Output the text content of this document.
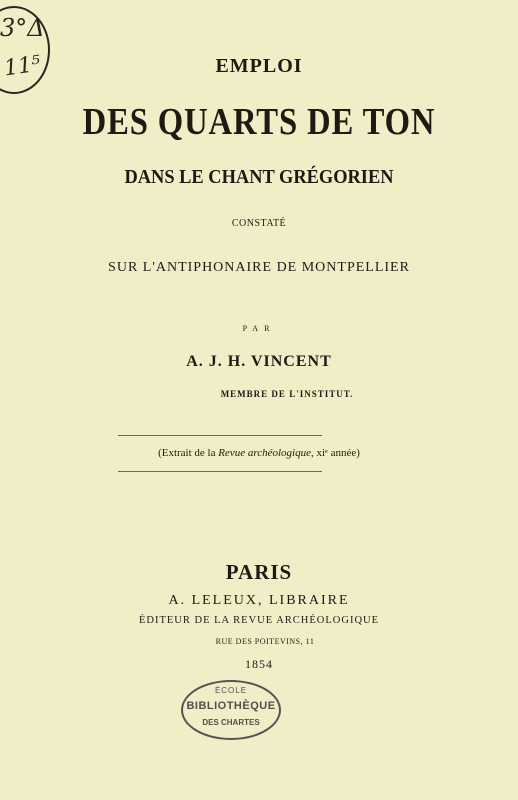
3°Δ
11⁵	EMPLOI
DES QUARTS DE TON
DANS LE CHANT GRÉGORIEN
CONSTATÉ
SUR L'ANTIPHONAIRE DE MONTPELLIER
PAR
A. J. H. VINCENT
MEMBRE DE L'INSTITUT.
(Extrait de la Revue archéologique, xiᵉ année)
PARIS
A. LELEUX, LIBRAIRE
ÉDITEUR DE LA REVUE ARCHÉOLOGIQUE
RUE DES POITEVINS, 11
1854
ÉCOLE
BIBLIOTHÈQUE
DES CHARTES
